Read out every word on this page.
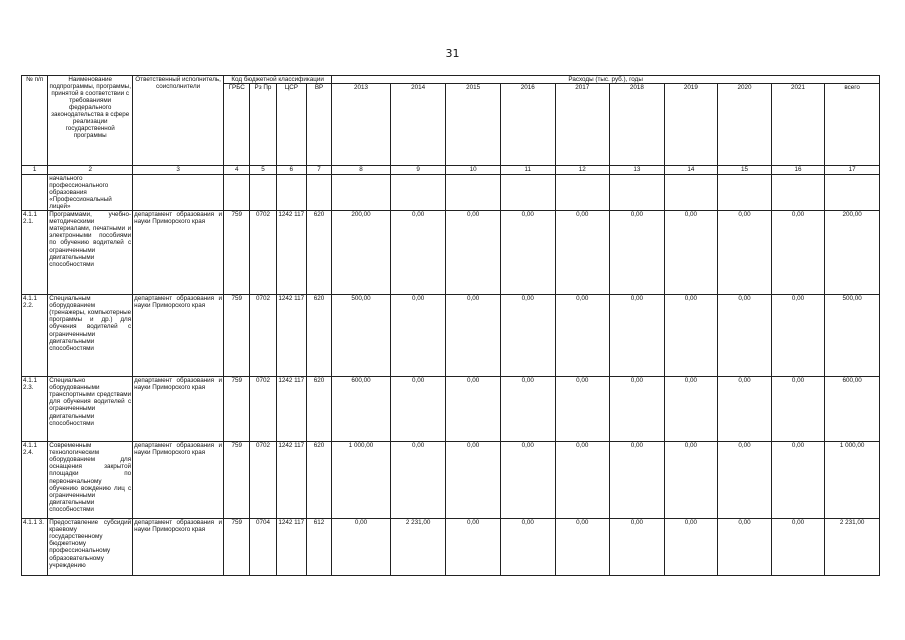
31
№ п/п	Наименование подпрограммы, программы, принятой в соответствии с требованиями федерального законодательства в сфере реализации государственной программы	Ответственный исполнитель, соисполнители	Код бюджетной классификации				Расходы (тыс. руб.), годы									
			ГРБС	Рз Пр	ЦСР	ВР	2013	2014	2015	2016	2017	2018	2019	2020	2021	всего
1	2	3	4	5	6	7	8	9	10	11	12	13	14	15	16	17
	начального профессионального образования «Профессиональный лицей»															
4.1.1 2.1.	Программами, учебно-методическими материалами, печатными и электронными пособиями по обучению водителей с ограниченными двигательными способностями	департамент образования и науки Приморского края	759	0702	1242 117	620	200,00	0,00	0,00	0,00	0,00	0,00	0,00	0,00	0,00	200,00
4.1.1 2.2.	Специальным оборудованием (тренажеры, компьютерные программы и др.) для обучения водителей с ограниченными двигательными способностями	департамент образования и науки Приморского края	759	0702	1242 117	620	500,00	0,00	0,00	0,00	0,00	0,00	0,00	0,00	0,00	500,00
4.1.1 2.3.	Специально оборудованными транспортными средствами для обучения водителей с ограниченными двигательными способностями	департамент образования и науки Приморского края	759	0702	1242 117	620	600,00	0,00	0,00	0,00	0,00	0,00	0,00	0,00	0,00	600,00
4.1.1 2.4.	Современным технологическим оборудованием для оснащения закрытой площадки по первоначальному обучению вождению лиц с ограниченными двигательными способностями	департамент образования и науки Приморского края	759	0702	1242 117	620	1 000,00	0,00	0,00	0,00	0,00	0,00	0,00	0,00	0,00	1 000,00
4.1.1 3.	Предоставление субсидий краевому государственному бюджетному профессиональному образовательному учреждению	департамент образования и науки Приморского края	759	0704	1242 117	612	0,00	2 231,00	0,00	0,00	0,00	0,00	0,00	0,00	0,00	2 231,00
